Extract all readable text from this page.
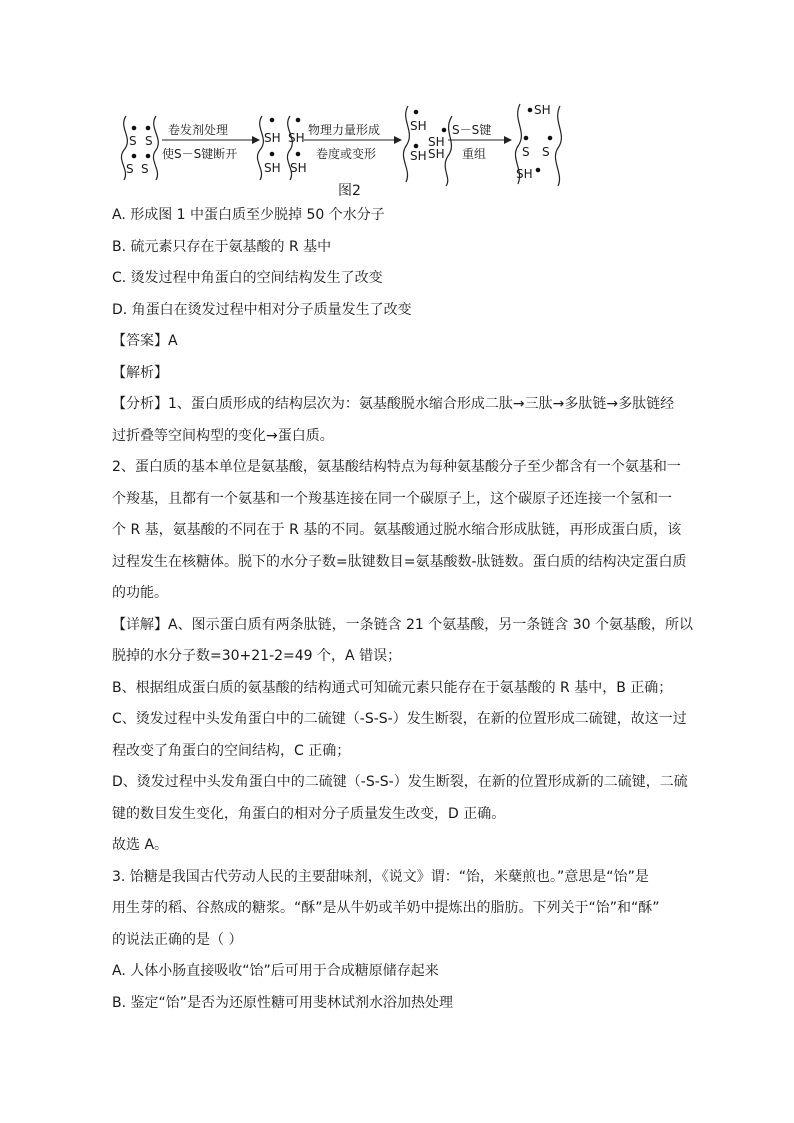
S S
S S
卷发剂处理
使S－S键断开
SH SH
SH SH
物理力量形成
卷度或变形
SH
SH
SH
SH
S－S键
重组
SH
S S
SH
图2
A. 形成图 1 中蛋白质至少脱掉 50 个水分子
B. 硫元素只存在于氨基酸的 R 基中
C. 烫发过程中角蛋白的空间结构发生了改变
D. 角蛋白在烫发过程中相对分子质量发生了改变
【答案】A
【解析】
【分析】1、蛋白质形成的结构层次为：氨基酸脱水缩合形成二肽→三肽→多肽链→多肽链经
过折叠等空间构型的变化→蛋白质。
2、蛋白质的基本单位是氨基酸，氨基酸结构特点为每种氨基酸分子至少都含有一个氨基和一
个羧基，且都有一个氨基和一个羧基连接在同一个碳原子上，这个碳原子还连接一个氢和一
个 R 基，氨基酸的不同在于 R 基的不同。氨基酸通过脱水缩合形成肽链，再形成蛋白质，该
过程发生在核糖体。脱下的水分子数=肽键数目=氨基酸数-肽链数。蛋白质的结构决定蛋白质
的功能。
【详解】A、图示蛋白质有两条肽链，一条链含 21 个氨基酸，另一条链含 30 个氨基酸，所以
脱掉的水分子数=30+21-2=49 个，A 错误；
B、根据组成蛋白质的氨基酸的结构通式可知硫元素只能存在于氨基酸的 R 基中，B 正确；
C、烫发过程中头发角蛋白中的二硫键（-S-S-）发生断裂，在新的位置形成二硫键，故这一过
程改变了角蛋白的空间结构，C 正确；
D、烫发过程中头发角蛋白中的二硫键（-S-S-）发生断裂，在新的位置形成新的二硫键，二硫
键的数目发生变化，角蛋白的相对分子质量发生改变，D 正确。
故选 A。
3. 饴糖是我国古代劳动人民的主要甜味剂，《说文》谓：“饴，米蘖煎也。”意思是“饴”是
用生芽的稻、谷熬成的糖浆。“酥”是从牛奶或羊奶中提炼出的脂肪。下列关于“饴”和“酥”
的说法正确的是（ ）
A. 人体小肠直接吸收“饴”后可用于合成糖原储存起来
B. 鉴定“饴”是否为还原性糖可用斐林试剂水浴加热处理
